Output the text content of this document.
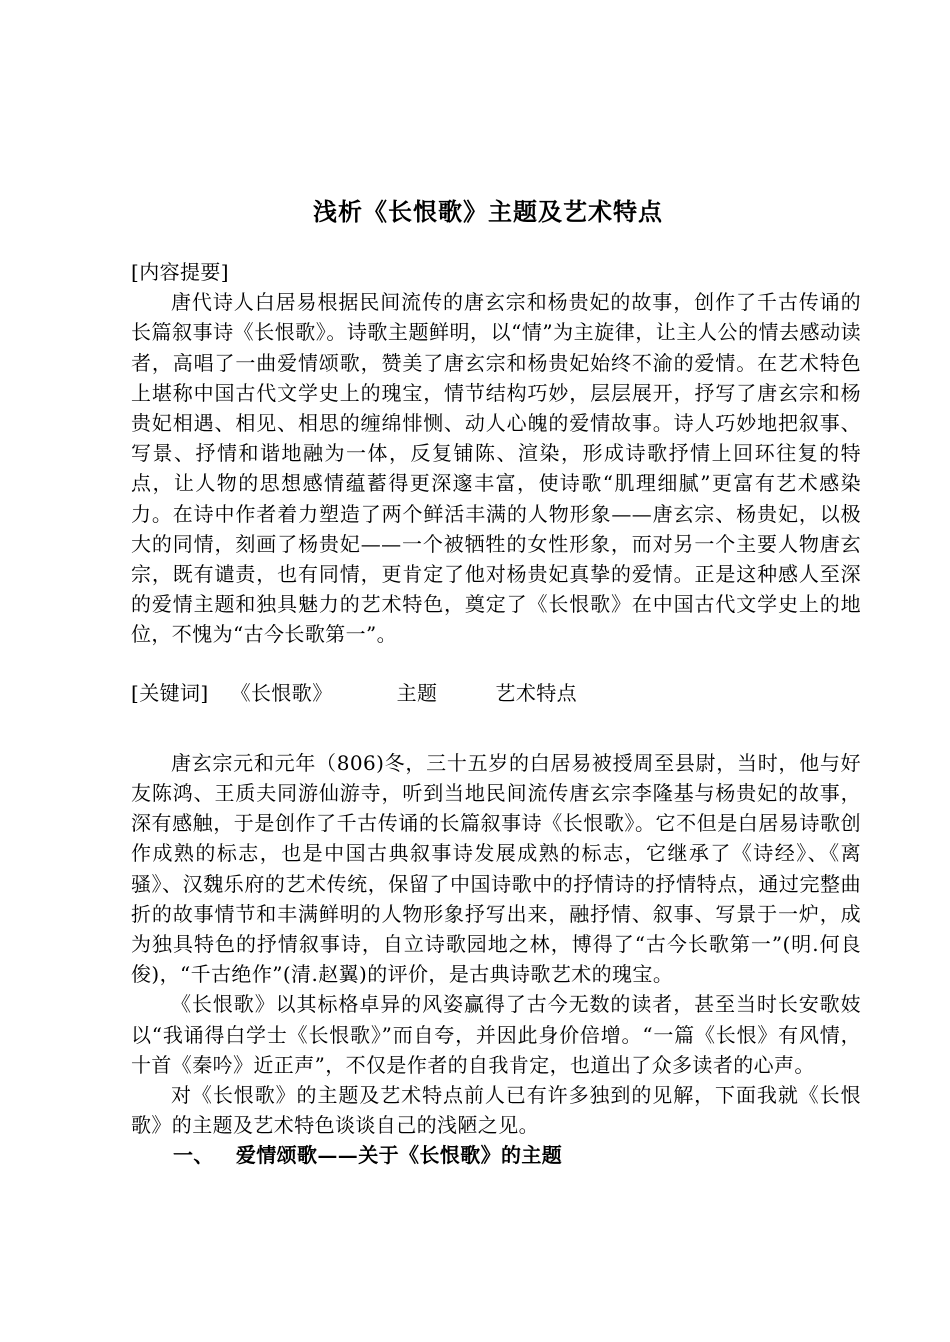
浅析《长恨歌》主题及艺术特点

[内容提要]

唐代诗人白居易根据民间流传的唐玄宗和杨贵妃的故事，创作了千古传诵的长篇叙事诗《长恨歌》。诗歌主题鲜明，以“情”为主旋律，让主人公的情去感动读者，高唱了一曲爱情颂歌，赞美了唐玄宗和杨贵妃始终不渝的爱情。在艺术特色上堪称中国古代文学史上的瑰宝，情节结构巧妙，层层展开，抒写了唐玄宗和杨贵妃相遇、相见、相思的缠绵悱恻、动人心魄的爱情故事。诗人巧妙地把叙事、写景、抒情和谐地融为一体，反复铺陈、渲染，形成诗歌抒情上回环往复的特点，让人物的思想感情蕴蓄得更深邃丰富，使诗歌“肌理细腻”更富有艺术感染力。在诗中作者着力塑造了两个鲜活丰满的人物形象——唐玄宗、杨贵妃，以极大的同情，刻画了杨贵妃——一个被牺牲的女性形象，而对另一个主要人物唐玄宗，既有谴责，也有同情，更肯定了他对杨贵妃真挚的爱情。正是这种感人至深的爱情主题和独具魅力的艺术特色，奠定了《长恨歌》在中国古代文学史上的地位，不愧为“古今长歌第一”。

[关键词] 《长恨歌》	主题	艺术特点

唐玄宗元和元年（806)冬，三十五岁的白居易被授周至县尉，当时，他与好友陈鸿、王质夫同游仙游寺，听到当地民间流传唐玄宗李隆基与杨贵妃的故事，深有感触，于是创作了千古传诵的长篇叙事诗《长恨歌》。它不但是白居易诗歌创作成熟的标志，也是中国古典叙事诗发展成熟的标志，它继承了《诗经》、《离骚》、汉魏乐府的艺术传统，保留了中国诗歌中的抒情诗的抒情特点，通过完整曲折的故事情节和丰满鲜明的人物形象抒写出来，融抒情、叙事、写景于一炉，成为独具特色的抒情叙事诗，自立诗歌园地之林，博得了“古今长歌第一”(明.何良俊)，“千古绝作”(清.赵翼)的评价，是古典诗歌艺术的瑰宝。

《长恨歌》以其标格卓异的风姿赢得了古今无数的读者，甚至当时长安歌妓以“我诵得白学士《长恨歌》”而自夸，并因此身价倍增。“一篇《长恨》有风情，十首《秦吟》近正声”，不仅是作者的自我肯定，也道出了众多读者的心声。

对《长恨歌》的主题及艺术特点前人已有许多独到的见解，下面我就《长恨歌》的主题及艺术特色谈谈自己的浅陋之见。

一、 爱情颂歌——关于《长恨歌》的主题
